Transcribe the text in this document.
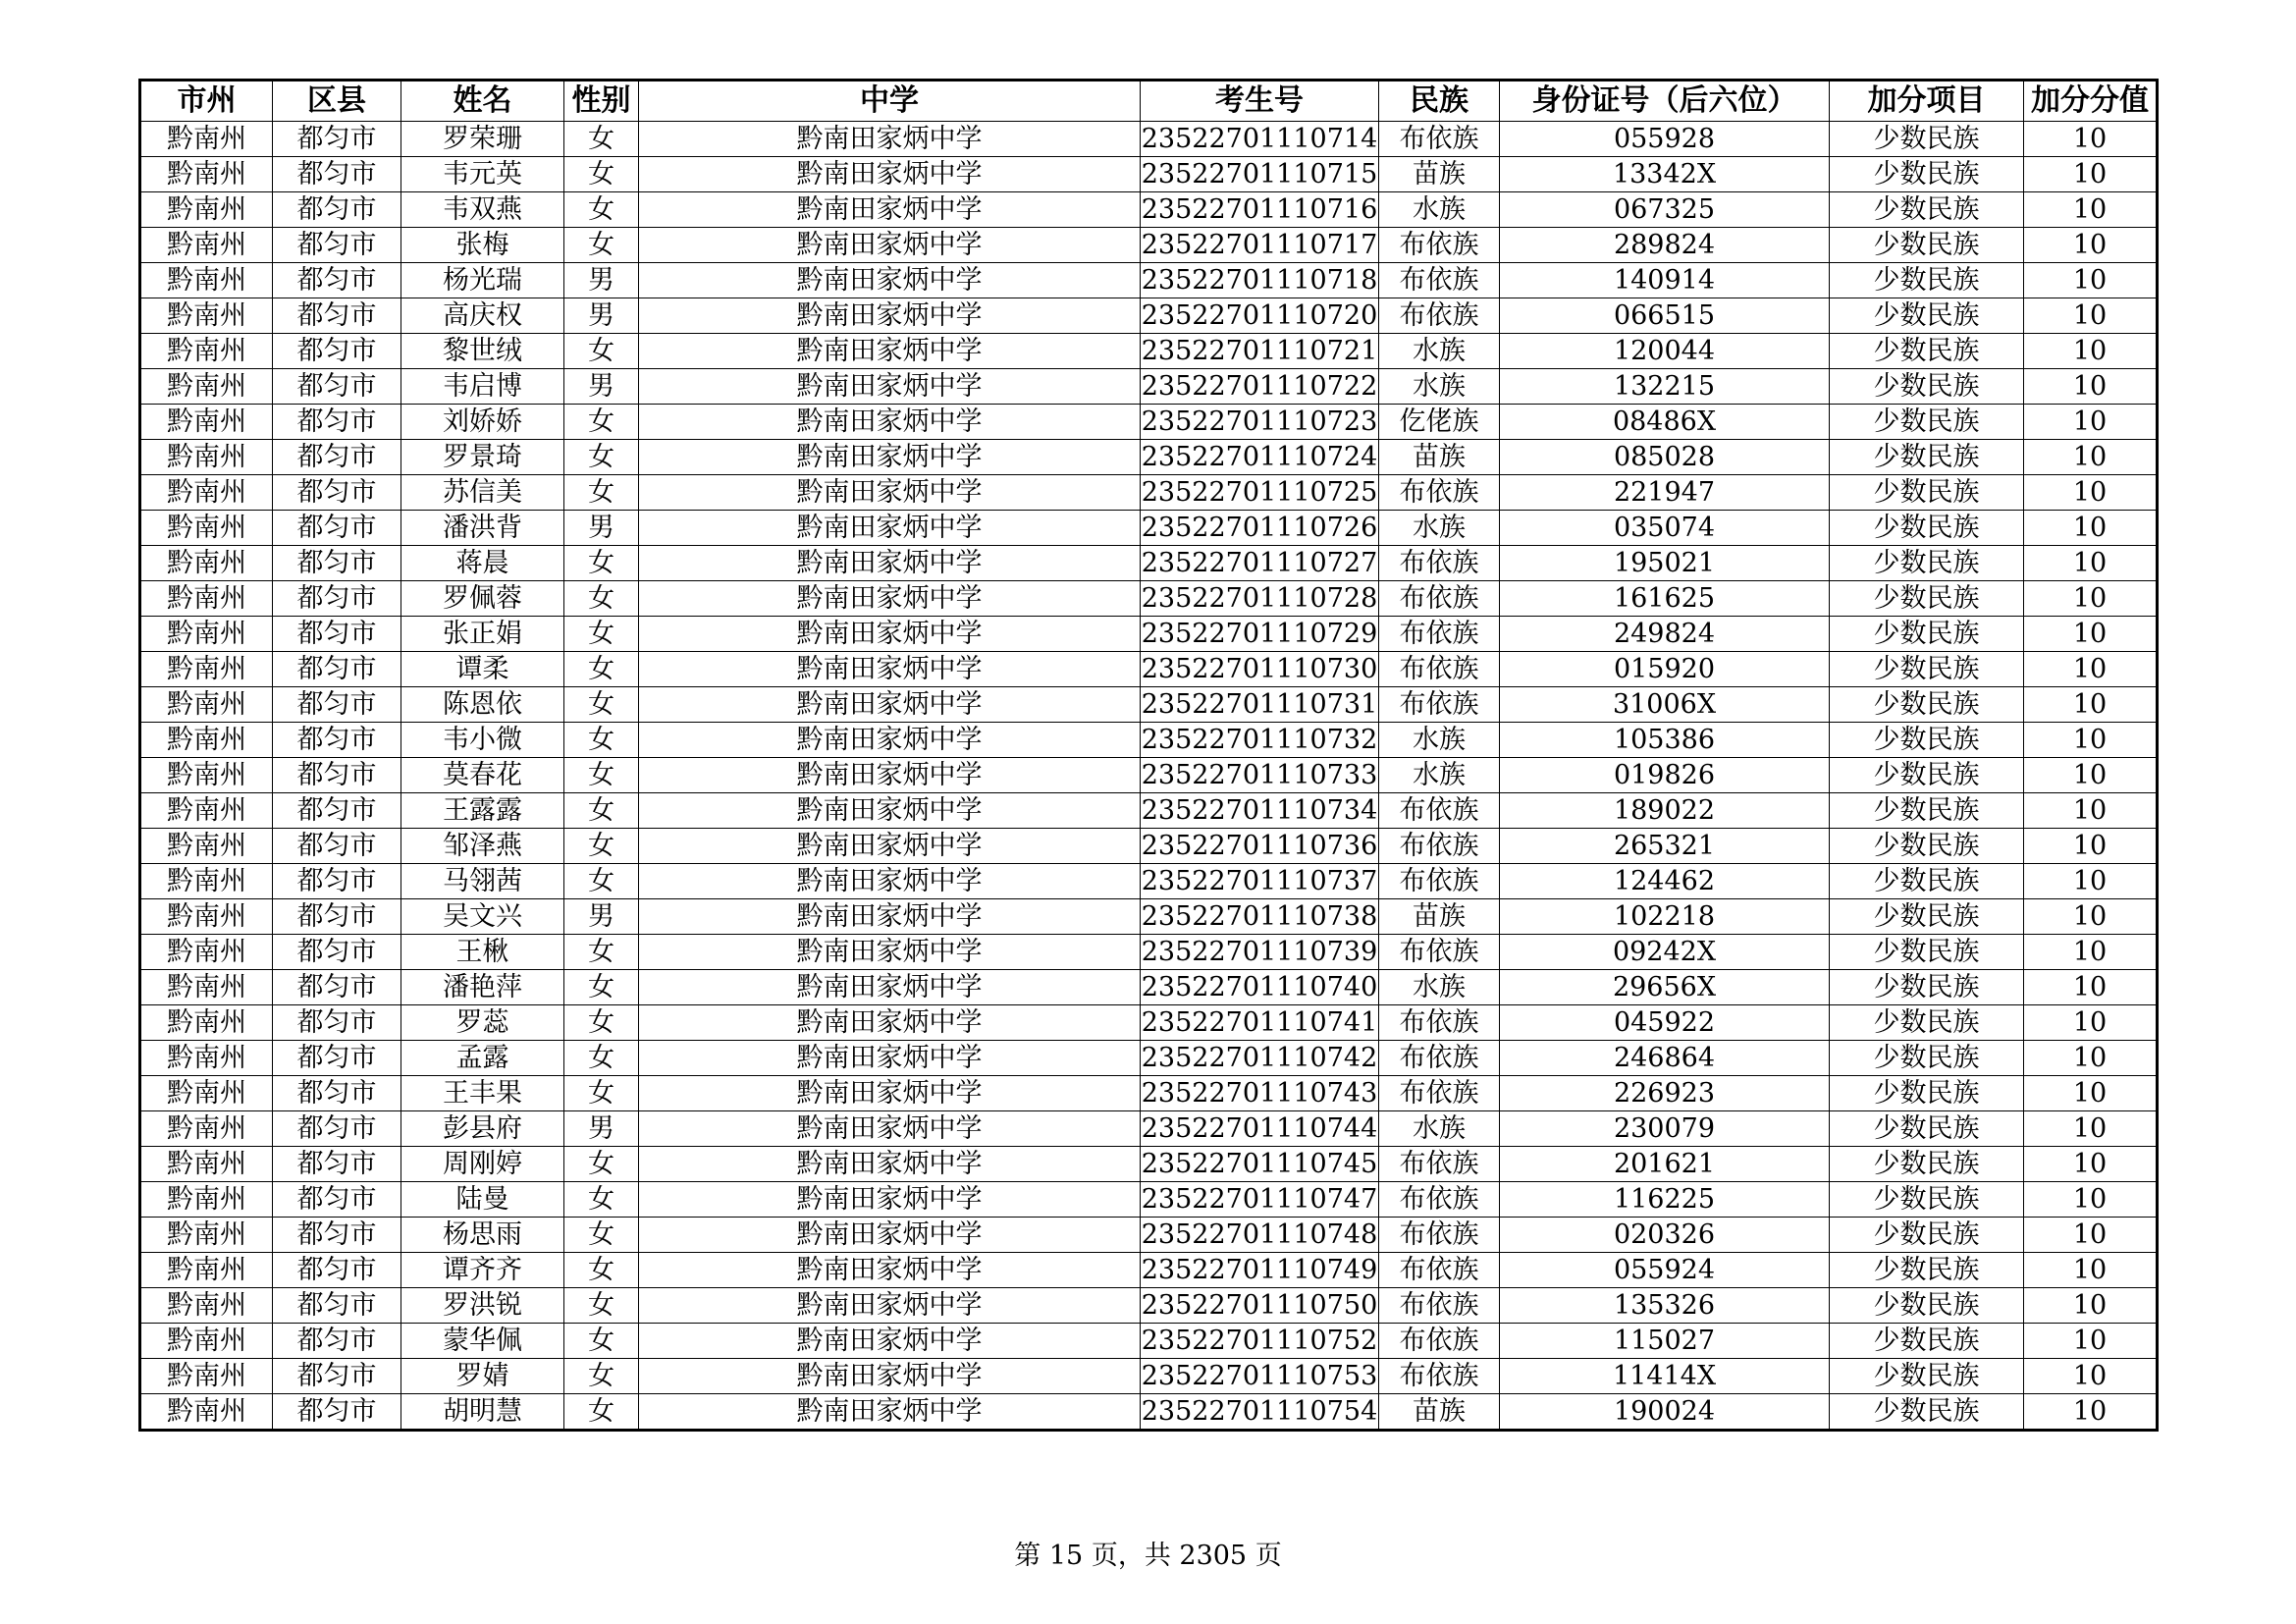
市州	区县	姓名	性别	中学	考生号	民族	身份证号（后六位）	加分项目	加分分值
黔南州	都匀市	罗荣珊	女	黔南田家炳中学	23522701110714	布依族	055928	少数民族	10
黔南州	都匀市	韦元英	女	黔南田家炳中学	23522701110715	苗族	13342X	少数民族	10
黔南州	都匀市	韦双燕	女	黔南田家炳中学	23522701110716	水族	067325	少数民族	10
黔南州	都匀市	张梅	女	黔南田家炳中学	23522701110717	布依族	289824	少数民族	10
黔南州	都匀市	杨光瑞	男	黔南田家炳中学	23522701110718	布依族	140914	少数民族	10
黔南州	都匀市	高庆权	男	黔南田家炳中学	23522701110720	布依族	066515	少数民族	10
黔南州	都匀市	黎世绒	女	黔南田家炳中学	23522701110721	水族	120044	少数民族	10
黔南州	都匀市	韦启博	男	黔南田家炳中学	23522701110722	水族	132215	少数民族	10
黔南州	都匀市	刘娇娇	女	黔南田家炳中学	23522701110723	仡佬族	08486X	少数民族	10
黔南州	都匀市	罗景琦	女	黔南田家炳中学	23522701110724	苗族	085028	少数民族	10
黔南州	都匀市	苏信美	女	黔南田家炳中学	23522701110725	布依族	221947	少数民族	10
黔南州	都匀市	潘洪背	男	黔南田家炳中学	23522701110726	水族	035074	少数民族	10
黔南州	都匀市	蒋晨	女	黔南田家炳中学	23522701110727	布依族	195021	少数民族	10
黔南州	都匀市	罗佩蓉	女	黔南田家炳中学	23522701110728	布依族	161625	少数民族	10
黔南州	都匀市	张正娟	女	黔南田家炳中学	23522701110729	布依族	249824	少数民族	10
黔南州	都匀市	谭柔	女	黔南田家炳中学	23522701110730	布依族	015920	少数民族	10
黔南州	都匀市	陈恩依	女	黔南田家炳中学	23522701110731	布依族	31006X	少数民族	10
黔南州	都匀市	韦小微	女	黔南田家炳中学	23522701110732	水族	105386	少数民族	10
黔南州	都匀市	莫春花	女	黔南田家炳中学	23522701110733	水族	019826	少数民族	10
黔南州	都匀市	王露露	女	黔南田家炳中学	23522701110734	布依族	189022	少数民族	10
黔南州	都匀市	邹泽燕	女	黔南田家炳中学	23522701110736	布依族	265321	少数民族	10
黔南州	都匀市	马翎茜	女	黔南田家炳中学	23522701110737	布依族	124462	少数民族	10
黔南州	都匀市	吴文兴	男	黔南田家炳中学	23522701110738	苗族	102218	少数民族	10
黔南州	都匀市	王楸	女	黔南田家炳中学	23522701110739	布依族	09242X	少数民族	10
黔南州	都匀市	潘艳萍	女	黔南田家炳中学	23522701110740	水族	29656X	少数民族	10
黔南州	都匀市	罗蕊	女	黔南田家炳中学	23522701110741	布依族	045922	少数民族	10
黔南州	都匀市	孟露	女	黔南田家炳中学	23522701110742	布依族	246864	少数民族	10
黔南州	都匀市	王丰果	女	黔南田家炳中学	23522701110743	布依族	226923	少数民族	10
黔南州	都匀市	彭县府	男	黔南田家炳中学	23522701110744	水族	230079	少数民族	10
黔南州	都匀市	周刚婷	女	黔南田家炳中学	23522701110745	布依族	201621	少数民族	10
黔南州	都匀市	陆曼	女	黔南田家炳中学	23522701110747	布依族	116225	少数民族	10
黔南州	都匀市	杨思雨	女	黔南田家炳中学	23522701110748	布依族	020326	少数民族	10
黔南州	都匀市	谭齐齐	女	黔南田家炳中学	23522701110749	布依族	055924	少数民族	10
黔南州	都匀市	罗洪锐	女	黔南田家炳中学	23522701110750	布依族	135326	少数民族	10
黔南州	都匀市	蒙华佩	女	黔南田家炳中学	23522701110752	布依族	115027	少数民族	10
黔南州	都匀市	罗婧	女	黔南田家炳中学	23522701110753	布依族	11414X	少数民族	10
黔南州	都匀市	胡明慧	女	黔南田家炳中学	23522701110754	苗族	190024	少数民族	10
第 15 页，共 2305 页
